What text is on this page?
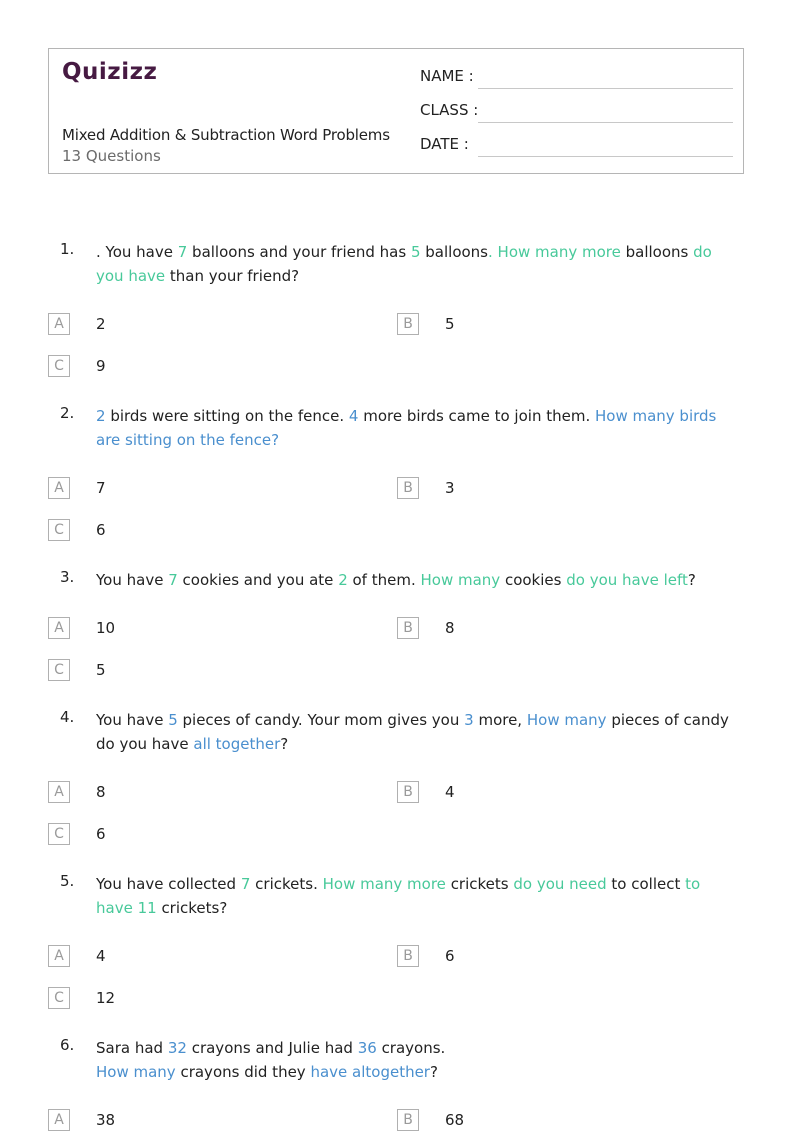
Quizizz
Mixed Addition & Subtraction Word Problems
13 Questions
NAME :
CLASS :
DATE :
1. . You have 7 balloons and your friend has 5 balloons. How many more balloons do you have than your friend?
A	2	B	5
C	9
2. 2 birds were sitting on the fence. 4 more birds came to join them. How many birds are sitting on the fence?
A	7	B	3
C	6
3. You have 7 cookies and you ate 2 of them. How many cookies do you have left?
A	10	B	8
C	5
4. You have 5 pieces of candy. Your mom gives you 3 more, How many pieces of candy do you have all together?
A	8	B	4
C	6
5. You have collected 7 crickets. How many more crickets do you need to collect to have 11 crickets?
A	4	B	6
C	12
6. Sara had 32 crayons and Julie had 36 crayons. How many crayons did they have altogether?
A	38	B	68
